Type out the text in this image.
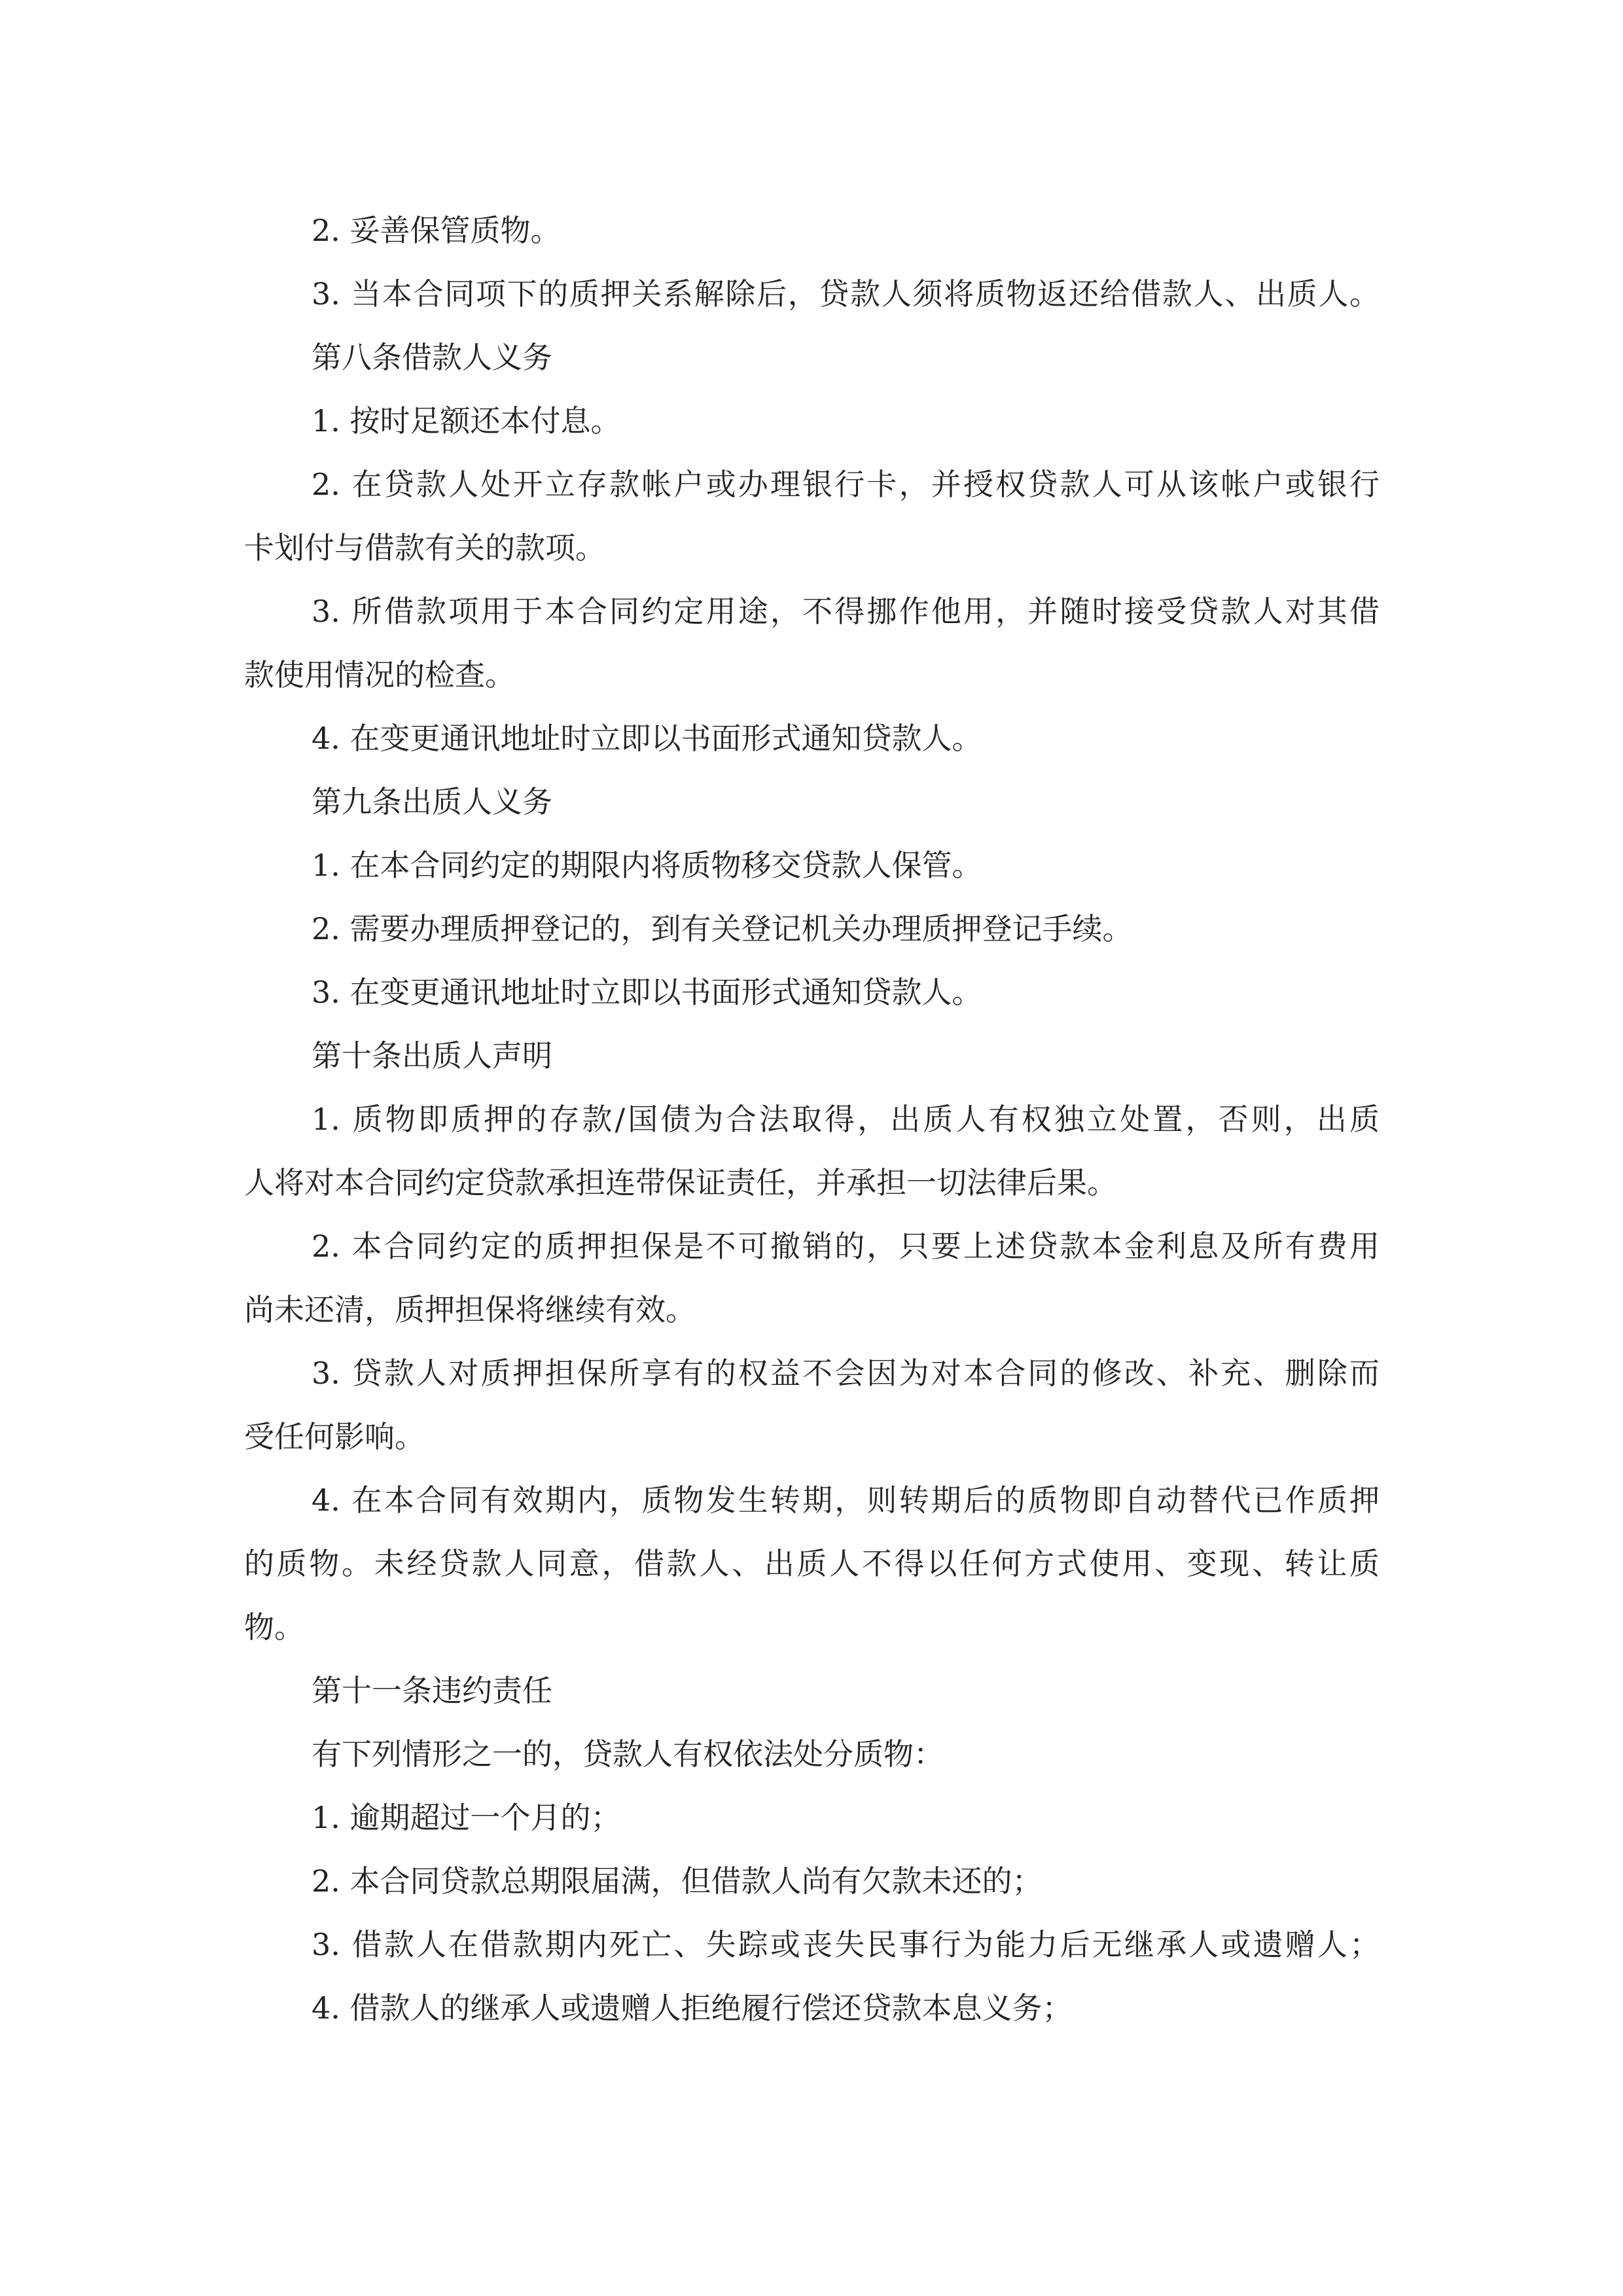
2. 妥善保管质物。
3. 当本合同项下的质押关系解除后，贷款人须将质物返还给借款人、出质人。
第八条借款人义务
1. 按时足额还本付息。
2. 在贷款人处开立存款帐户或办理银行卡，并授权贷款人可从该帐户或银行
卡划付与借款有关的款项。
3. 所借款项用于本合同约定用途，不得挪作他用，并随时接受贷款人对其借
款使用情况的检查。
4. 在变更通讯地址时立即以书面形式通知贷款人。
第九条出质人义务
1. 在本合同约定的期限内将质物移交贷款人保管。
2. 需要办理质押登记的，到有关登记机关办理质押登记手续。
3. 在变更通讯地址时立即以书面形式通知贷款人。
第十条出质人声明
1. 质物即质押的存款/国债为合法取得，出质人有权独立处置，否则，出质
人将对本合同约定贷款承担连带保证责任，并承担一切法律后果。
2. 本合同约定的质押担保是不可撤销的，只要上述贷款本金利息及所有费用
尚未还清，质押担保将继续有效。
3. 贷款人对质押担保所享有的权益不会因为对本合同的修改、补充、删除而
受任何影响。
4. 在本合同有效期内，质物发生转期，则转期后的质物即自动替代已作质押
的质物。未经贷款人同意，借款人、出质人不得以任何方式使用、变现、转让质
物。
第十一条违约责任
有下列情形之一的，贷款人有权依法处分质物：
1. 逾期超过一个月的；
2. 本合同贷款总期限届满，但借款人尚有欠款未还的；
3. 借款人在借款期内死亡、失踪或丧失民事行为能力后无继承人或遗赠人；
4. 借款人的继承人或遗赠人拒绝履行偿还贷款本息义务；
